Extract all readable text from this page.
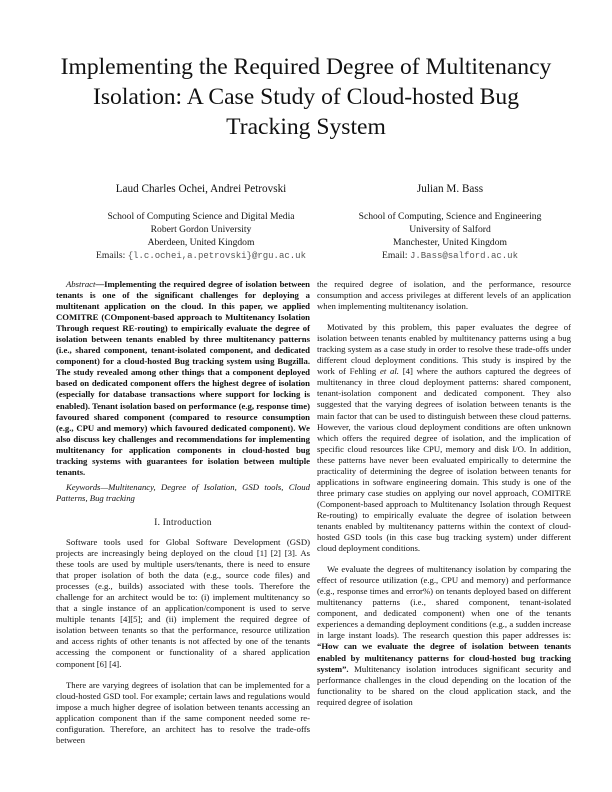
Implementing the Required Degree of Multitenancy
Isolation: A Case Study of Cloud-hosted Bug
Tracking System
Laud Charles Ochei, Andrei Petrovski
School of Computing Science and Digital Media
Robert Gordon University
Aberdeen, United Kingdom
Emails: {l.c.ochei,a.petrovski}@rgu.ac.uk
Julian M. Bass
School of Computing, Science and Engineering
University of Salford
Manchester, United Kingdom
Email: J.Bass@salford.ac.uk

Abstract—Implementing the required degree of isolation between tenants is one of the significant challenges for deploying a multitenant application on the cloud. In this paper, we applied COMITRE (COmponent-based approach to Multitenancy Isolation Through request RE-routing) to empirically evaluate the degree of isolation between tenants enabled by three multitenancy patterns (i.e., shared component, tenant-isolated component, and dedicated component) for a cloud-hosted Bug tracking system using Bugzilla. The study revealed among other things that a component deployed based on dedicated component offers the highest degree of isolation (especially for database transactions where support for locking is enabled). Tenant isolation based on performance (e.g, response time) favoured shared component (compared to resource consumption (e.g., CPU and memory) which favoured dedicated component). We also discuss key challenges and recommendations for implementing multitenancy for application components in cloud-hosted bug tracking systems with guarantees for isolation between multiple tenants.

Keywords—Multitenancy, Degree of Isolation, GSD tools, Cloud Patterns, Bug tracking

I. Introduction

Software tools used for Global Software Development (GSD) projects are increasingly being deployed on the cloud [1] [2] [3]. As these tools are used by multiple users/tenants, there is need to ensure that proper isolation of both the data (e.g., source code files) and processes (e.g., builds) associated with these tools. Therefore the challenge for an architect would be to: (i) implement multitenancy so that a single instance of an application/component is used to serve multiple tenants [4][5]; and (ii) implement the required degree of isolation between tenants so that the performance, resource utilization and access rights of other tenants is not affected by one of the tenants accessing the component or functionality of a shared application component [6] [4].

There are varying degrees of isolation that can be implemented for a cloud-hosted GSD tool. For example; certain laws and regulations would impose a much higher degree of isolation between tenants accessing an application component than if the same component needed some re-configuration. Therefore, an architect has to resolve the trade-offs between

the required degree of isolation, and the performance, resource consumption and access privileges at different levels of an application when implementing multitenancy isolation.

Motivated by this problem, this paper evaluates the degree of isolation between tenants enabled by multitenancy patterns using a bug tracking system as a case study in order to resolve these trade-offs under different cloud deployment conditions. This study is inspired by the work of Fehling et al. [4] where the authors captured the degrees of multitenancy in three cloud deployment patterns: shared component, tenant-isolation component and dedicated component. They also suggested that the varying degrees of isolation between tenants is the main factor that can be used to distinguish between these cloud patterns. However, the various cloud deployment conditions are often unknown which offers the required degree of isolation, and the implication of specific cloud resources like CPU, memory and disk I/O. In addition, these patterns have never been evaluated empirically to determine the practicality of determining the degree of isolation between tenants for applications in software engineering domain. This study is one of the three primary case studies on applying our novel approach, COMITRE (Component-based approach to Multitenancy Isolation through Request Re-routing) to empirically evaluate the degree of isolation between tenants enabled by multitenancy patterns within the context of cloud-hosted GSD tools (in this case bug tracking system) under different cloud deployment conditions.

We evaluate the degrees of multitenancy isolation by comparing the effect of resource utilization (e.g., CPU and memory) and performance (e.g., response times and error%) on tenants deployed based on different multitenancy patterns (i.e., shared component, tenant-isolated component, and dedicated component) when one of the tenants experiences a demanding deployment conditions (e.g., a sudden increase in large instant loads). The research question this paper addresses is: “How can we evaluate the degree of isolation between tenants enabled by multitenancy patterns for cloud-hosted bug tracking system”. Multitenancy isolation introduces significant security and performance challenges in the cloud depending on the location of the functionality to be shared on the cloud application stack, and the required degree of isolation
